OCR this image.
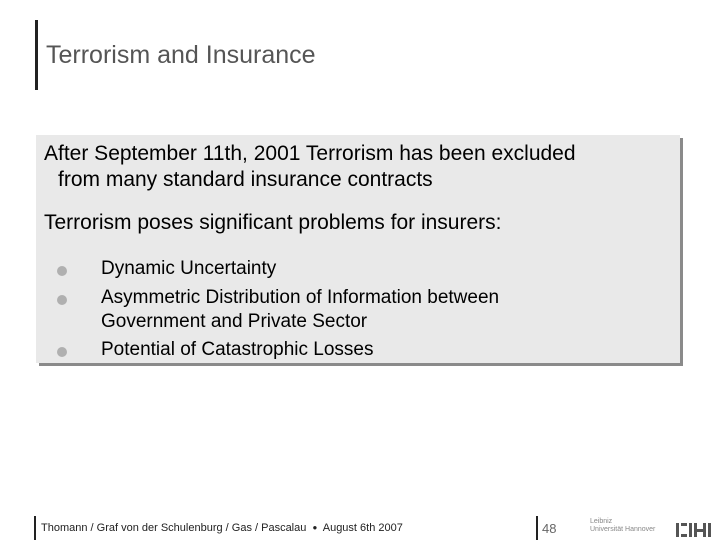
Terrorism and Insurance
After September 11th, 2001 Terrorism has been excluded
from many standard insurance contracts
Terrorism poses significant problems for insurers:
Dynamic Uncertainty
Asymmetric Distribution of Information between Government and Private Sector
Potential of Catastrophic Losses
Thomann / Graf von der Schulenburg / Gas / Pascalau ● August 6th 2007	48	Leibniz
Universität Hannover
